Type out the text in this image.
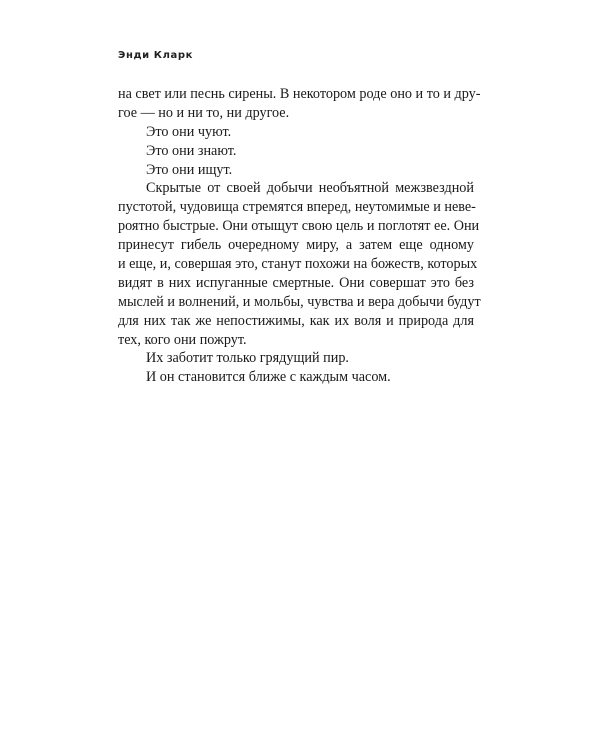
Энди Кларк
на свет или песнь сирены. В некотором роде оно и то и дру-
гое — но и ни то, ни другое.
Это они чуют.
Это они знают.
Это они ищут.
Скрытые от своей добычи необъятной межзвездной
пустотой, чудовища стремятся вперед, неутомимые и неве-
роятно быстрые. Они отыщут свою цель и поглотят ее. Они
принесут гибель очередному миру, а затем еще одному
и еще, и, совершая это, станут похожи на божеств, которых
видят в них испуганные смертные. Они совершат это без
мыслей и волнений, и мольбы, чувства и вера добычи будут
для них так же непостижимы, как их воля и природа для
тех, кого они пожрут.
Их заботит только грядущий пир.
И он становится ближе с каждым часом.
